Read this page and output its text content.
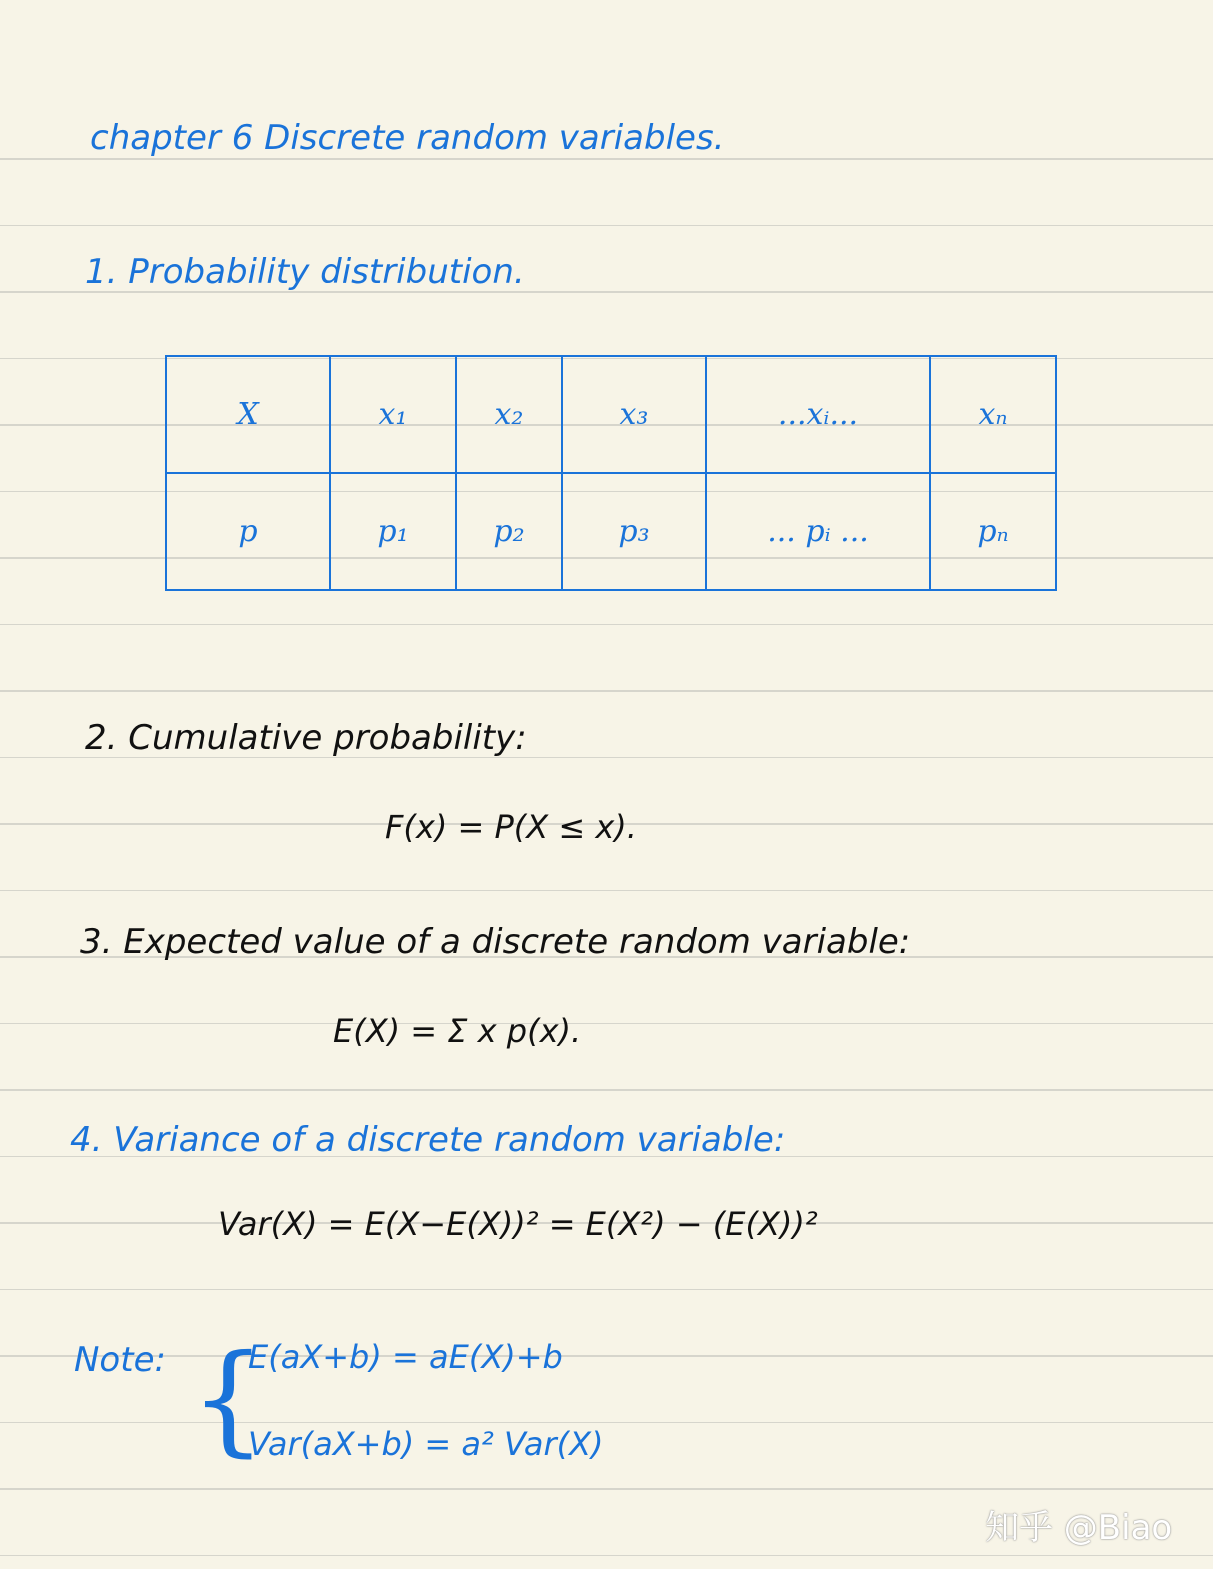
chapter 6 Discrete random variables.
1. Probability distribution.
X	x₁	x₂	x₃	...xᵢ...	xₙ
p	p₁	p₂	p₃	... pᵢ ...	pₙ
2. Cumulative probability:
F(x) = P(X ≤ x).
3. Expected value of a discrete random variable:
E(X) = Σ x p(x).
4. Variance of a discrete random variable:
Var(X) = E(X−E(X))² = E(X²) − (E(X))²
Note: {
E(aX+b) = aE(X)+b
Var(aX+b) = a² Var(X)
知乎 @Biao
